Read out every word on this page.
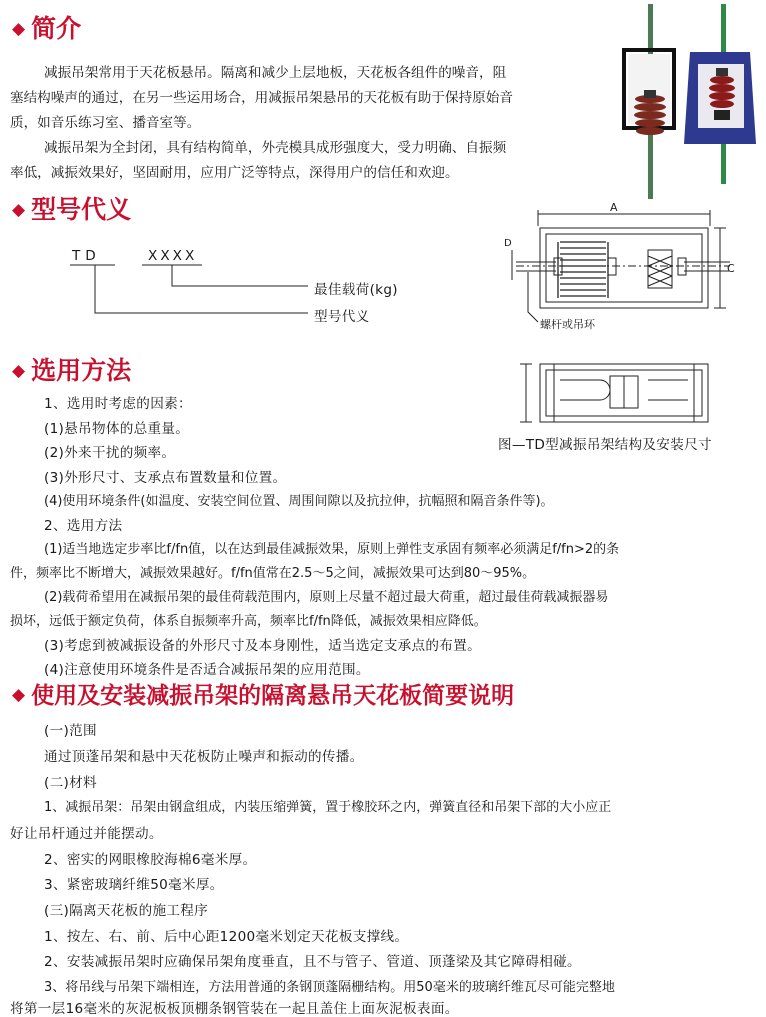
◆ 简介
减振吊架常用于天花板悬吊。隔离和减少上层地板，天花板各组件的噪音，阻
塞结构噪声的通过，在另一些运用场合，用减振吊架悬吊的天花板有助于保持原始音
质，如音乐练习室、播音室等。
减振吊架为全封闭，具有结构简单，外壳模具成形强度大，受力明确、自振频
率低，减振效果好，坚固耐用，应用广泛等特点，深得用户的信任和欢迎。
◆ 型号代义
TD	XXXX
最佳载荷(kg)
型号代义
A
C
D
螺杆或吊环
图—TD型减振吊架结构及安装尺寸
◆ 选用方法
1、选用时考虑的因素：
(1)悬吊物体的总重量。
(2)外来干扰的频率。
(3)外形尺寸、支承点布置数量和位置。
(4)使用环境条件(如温度、安装空间位置、周围间隙以及抗拉伸，抗幅照和隔音条件等)。
2、选用方法
(1)适当地选定步率比f/fn值，以在达到最佳减振效果，原则上弹性支承固有频率必须满足f/fn>2的条
件，频率比不断增大，减振效果越好。f/fn值常在2.5～5之间，减振效果可达到80～95%。
(2)载荷希望用在减振吊架的最佳荷载范围内，原则上尽量不超过最大荷重，超过最佳荷载减振器易
损坏，远低于额定负荷，体系自振频率升高，频率比f/fn降低，减振效果相应降低。
(3)考虑到被减振设备的外形尺寸及本身刚性，适当选定支承点的布置。
(4)注意使用环境条件是否适合减振吊架的应用范围。
◆ 使用及安装减振吊架的隔离悬吊天花板简要说明
(一)范围
通过顶蓬吊架和悬中天花板防止噪声和振动的传播。
(二)材料
1、减振吊架：吊架由钢盒组成，内装压缩弹簧，置于橡胶环之内，弹簧直径和吊架下部的大小应正
好让吊杆通过并能摆动。
2、密实的网眼橡胶海棉6毫米厚。
3、紧密玻璃纤维50毫米厚。
(三)隔离天花板的施工程序
1、按左、右、前、后中心距1200毫米划定天花板支撑线。
2、安装减振吊架时应确保吊架角度垂直，且不与管子、管道、顶蓬梁及其它障碍相碰。
3、将吊线与吊架下端相连，方法用普通的条钢顶蓬隔栅结构。用50毫米的玻璃纤维瓦尽可能完整地
将第一层16毫米的灰泥板板顶棚条钢管装在一起且盖住上面灰泥板表面。
